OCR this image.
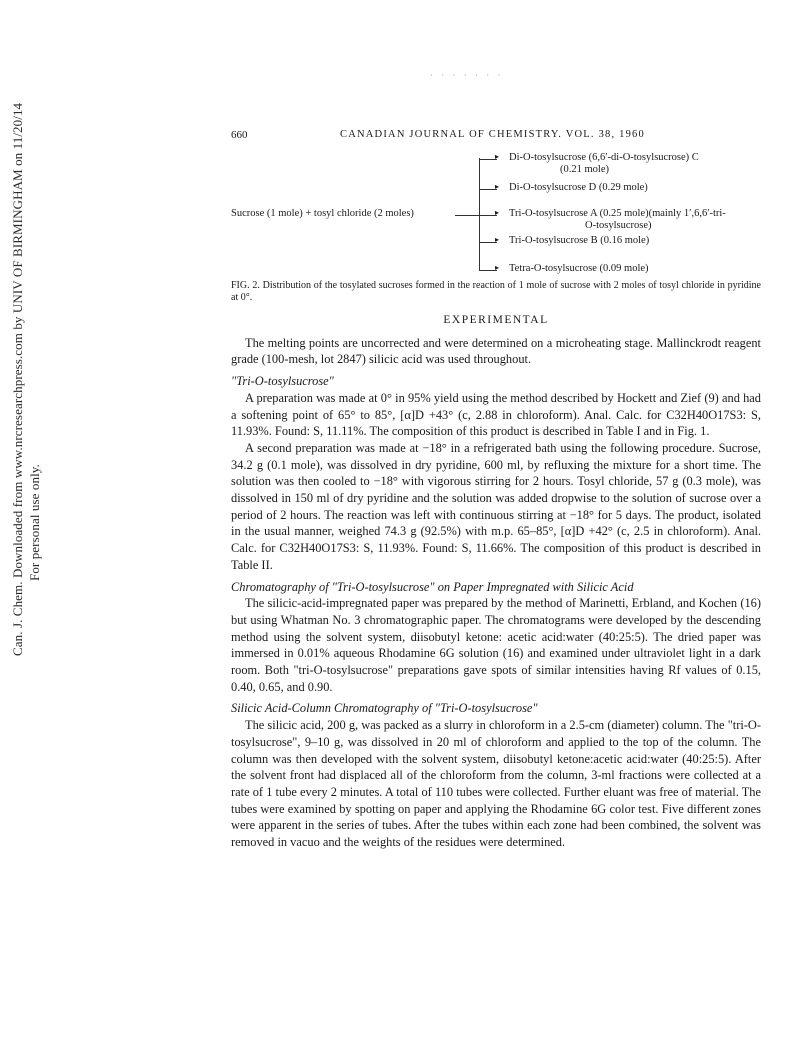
Can. J. Chem. Downloaded from www.nrcresearchpress.com by UNIV OF BIRMINGHAM on 11/20/14 For personal use only.
· · · · · · ·
660	CANADIAN JOURNAL OF CHEMISTRY. VOL. 38, 1960
Sucrose (1 mole) + tosyl chloride (2 moles)
▸ Di-O-tosylsucrose (6,6′-di-O-tosylsucrose) C
(0.21 mole)
▸ Di-O-tosylsucrose D (0.29 mole)
▸ Tri-O-tosylsucrose A (0.25 mole)(mainly 1′,6,6′-tri-
O-tosylsucrose)
▸ Tri-O-tosylsucrose B (0.16 mole)
▸ Tetra-O-tosylsucrose (0.09 mole)
FIG. 2. Distribution of the tosylated sucroses formed in the reaction of 1 mole of sucrose with 2 moles of tosyl chloride in pyridine at 0°.

EXPERIMENTAL

The melting points are uncorrected and were determined on a microheating stage. Mallinckrodt reagent grade (100-mesh, lot 2847) silicic acid was used throughout.

"Tri-O-tosylsucrose"

A preparation was made at 0° in 95% yield using the method described by Hockett and Zief (9) and had a softening point of 65° to 85°, [α]D +43° (c, 2.88 in chloroform). Anal. Calc. for C32H40O17S3: S, 11.93%. Found: S, 11.11%. The composition of this product is described in Table I and in Fig. 1.

A second preparation was made at −18° in a refrigerated bath using the following procedure. Sucrose, 34.2 g (0.1 mole), was dissolved in dry pyridine, 600 ml, by refluxing the mixture for a short time. The solution was then cooled to −18° with vigorous stirring for 2 hours. Tosyl chloride, 57 g (0.3 mole), was dissolved in 150 ml of dry pyridine and the solution was added dropwise to the solution of sucrose over a period of 2 hours. The reaction was left with continuous stirring at −18° for 5 days. The product, isolated in the usual manner, weighed 74.3 g (92.5%) with m.p. 65–85°, [α]D +42° (c, 2.5 in chloroform). Anal. Calc. for C32H40O17S3: S, 11.93%. Found: S, 11.66%. The composition of this product is described in Table II.

Chromatography of "Tri-O-tosylsucrose" on Paper Impregnated with Silicic Acid

The silicic-acid-impregnated paper was prepared by the method of Marinetti, Erbland, and Kochen (16) but using Whatman No. 3 chromatographic paper. The chromatograms were developed by the descending method using the solvent system, diisobutyl ketone: acetic acid:water (40:25:5). The dried paper was immersed in 0.01% aqueous Rhodamine 6G solution (16) and examined under ultraviolet light in a dark room. Both "tri-O-tosylsucrose" preparations gave spots of similar intensities having Rf values of 0.15, 0.40, 0.65, and 0.90.

Silicic Acid-Column Chromatography of "Tri-O-tosylsucrose"

The silicic acid, 200 g, was packed as a slurry in chloroform in a 2.5-cm (diameter) column. The "tri-O-tosylsucrose", 9–10 g, was dissolved in 20 ml of chloroform and applied to the top of the column. The column was then developed with the solvent system, diisobutyl ketone:acetic acid:water (40:25:5). After the solvent front had displaced all of the chloroform from the column, 3-ml fractions were collected at a rate of 1 tube every 2 minutes. A total of 110 tubes were collected. Further eluant was free of material. The tubes were examined by spotting on paper and applying the Rhodamine 6G color test. Five different zones were apparent in the series of tubes. After the tubes within each zone had been combined, the solvent was removed in vacuo and the weights of the residues were determined.
